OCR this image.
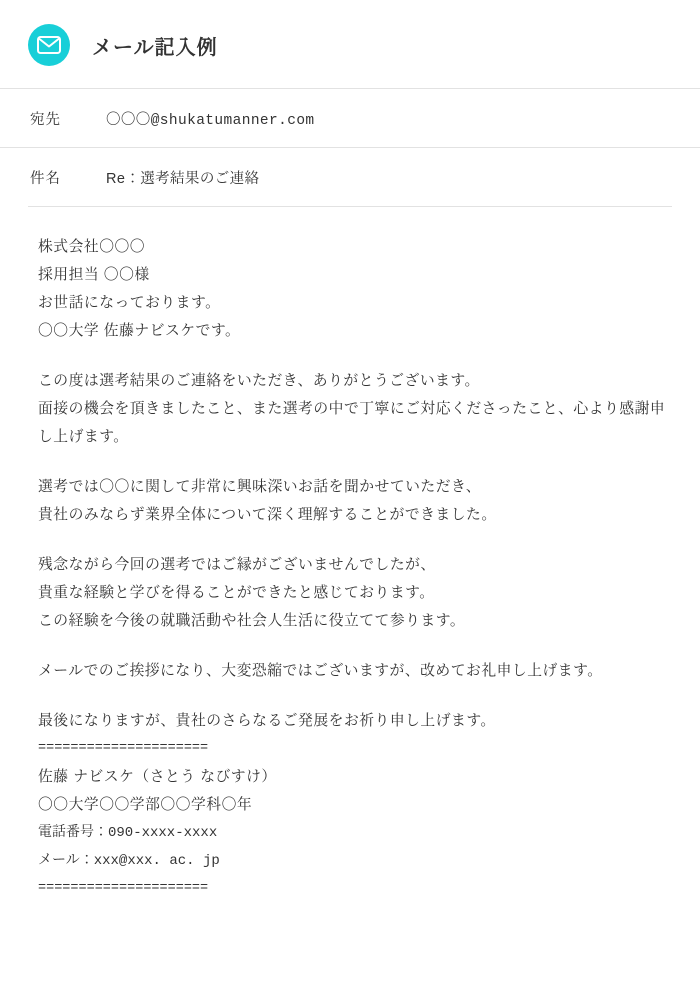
メール記入例
宛先	〇〇〇@shukatumanner.com
件名	Re：選考結果のご連絡
株式会社〇〇〇
採用担当 〇〇様
お世話になっております。
〇〇大学 佐藤ナビスケです。
この度は選考結果のご連絡をいただき、ありがとうございます。
面接の機会を頂きましたこと、また選考の中で丁寧にご対応くださったこと、心より感謝申し上げます。
選考では〇〇に関して非常に興味深いお話を聞かせていただき、
貴社のみならず業界全体について深く理解することができました。
残念ながら今回の選考ではご縁がございませんでしたが、
貴重な経験と学びを得ることができたと感じております。
この経験を今後の就職活動や社会人生活に役立てて参ります。
メールでのご挨拶になり、大変恐縮ではございますが、改めてお礼申し上げます。
最後になりますが、貴社のさらなるご発展をお祈り申し上げます。
=====================
佐藤 ナビスケ（さとう なびすけ）
〇〇大学〇〇学部〇〇学科〇年
電話番号：090-xxxx-xxxx
メール：xxx@xxx. ac. jp
=====================
